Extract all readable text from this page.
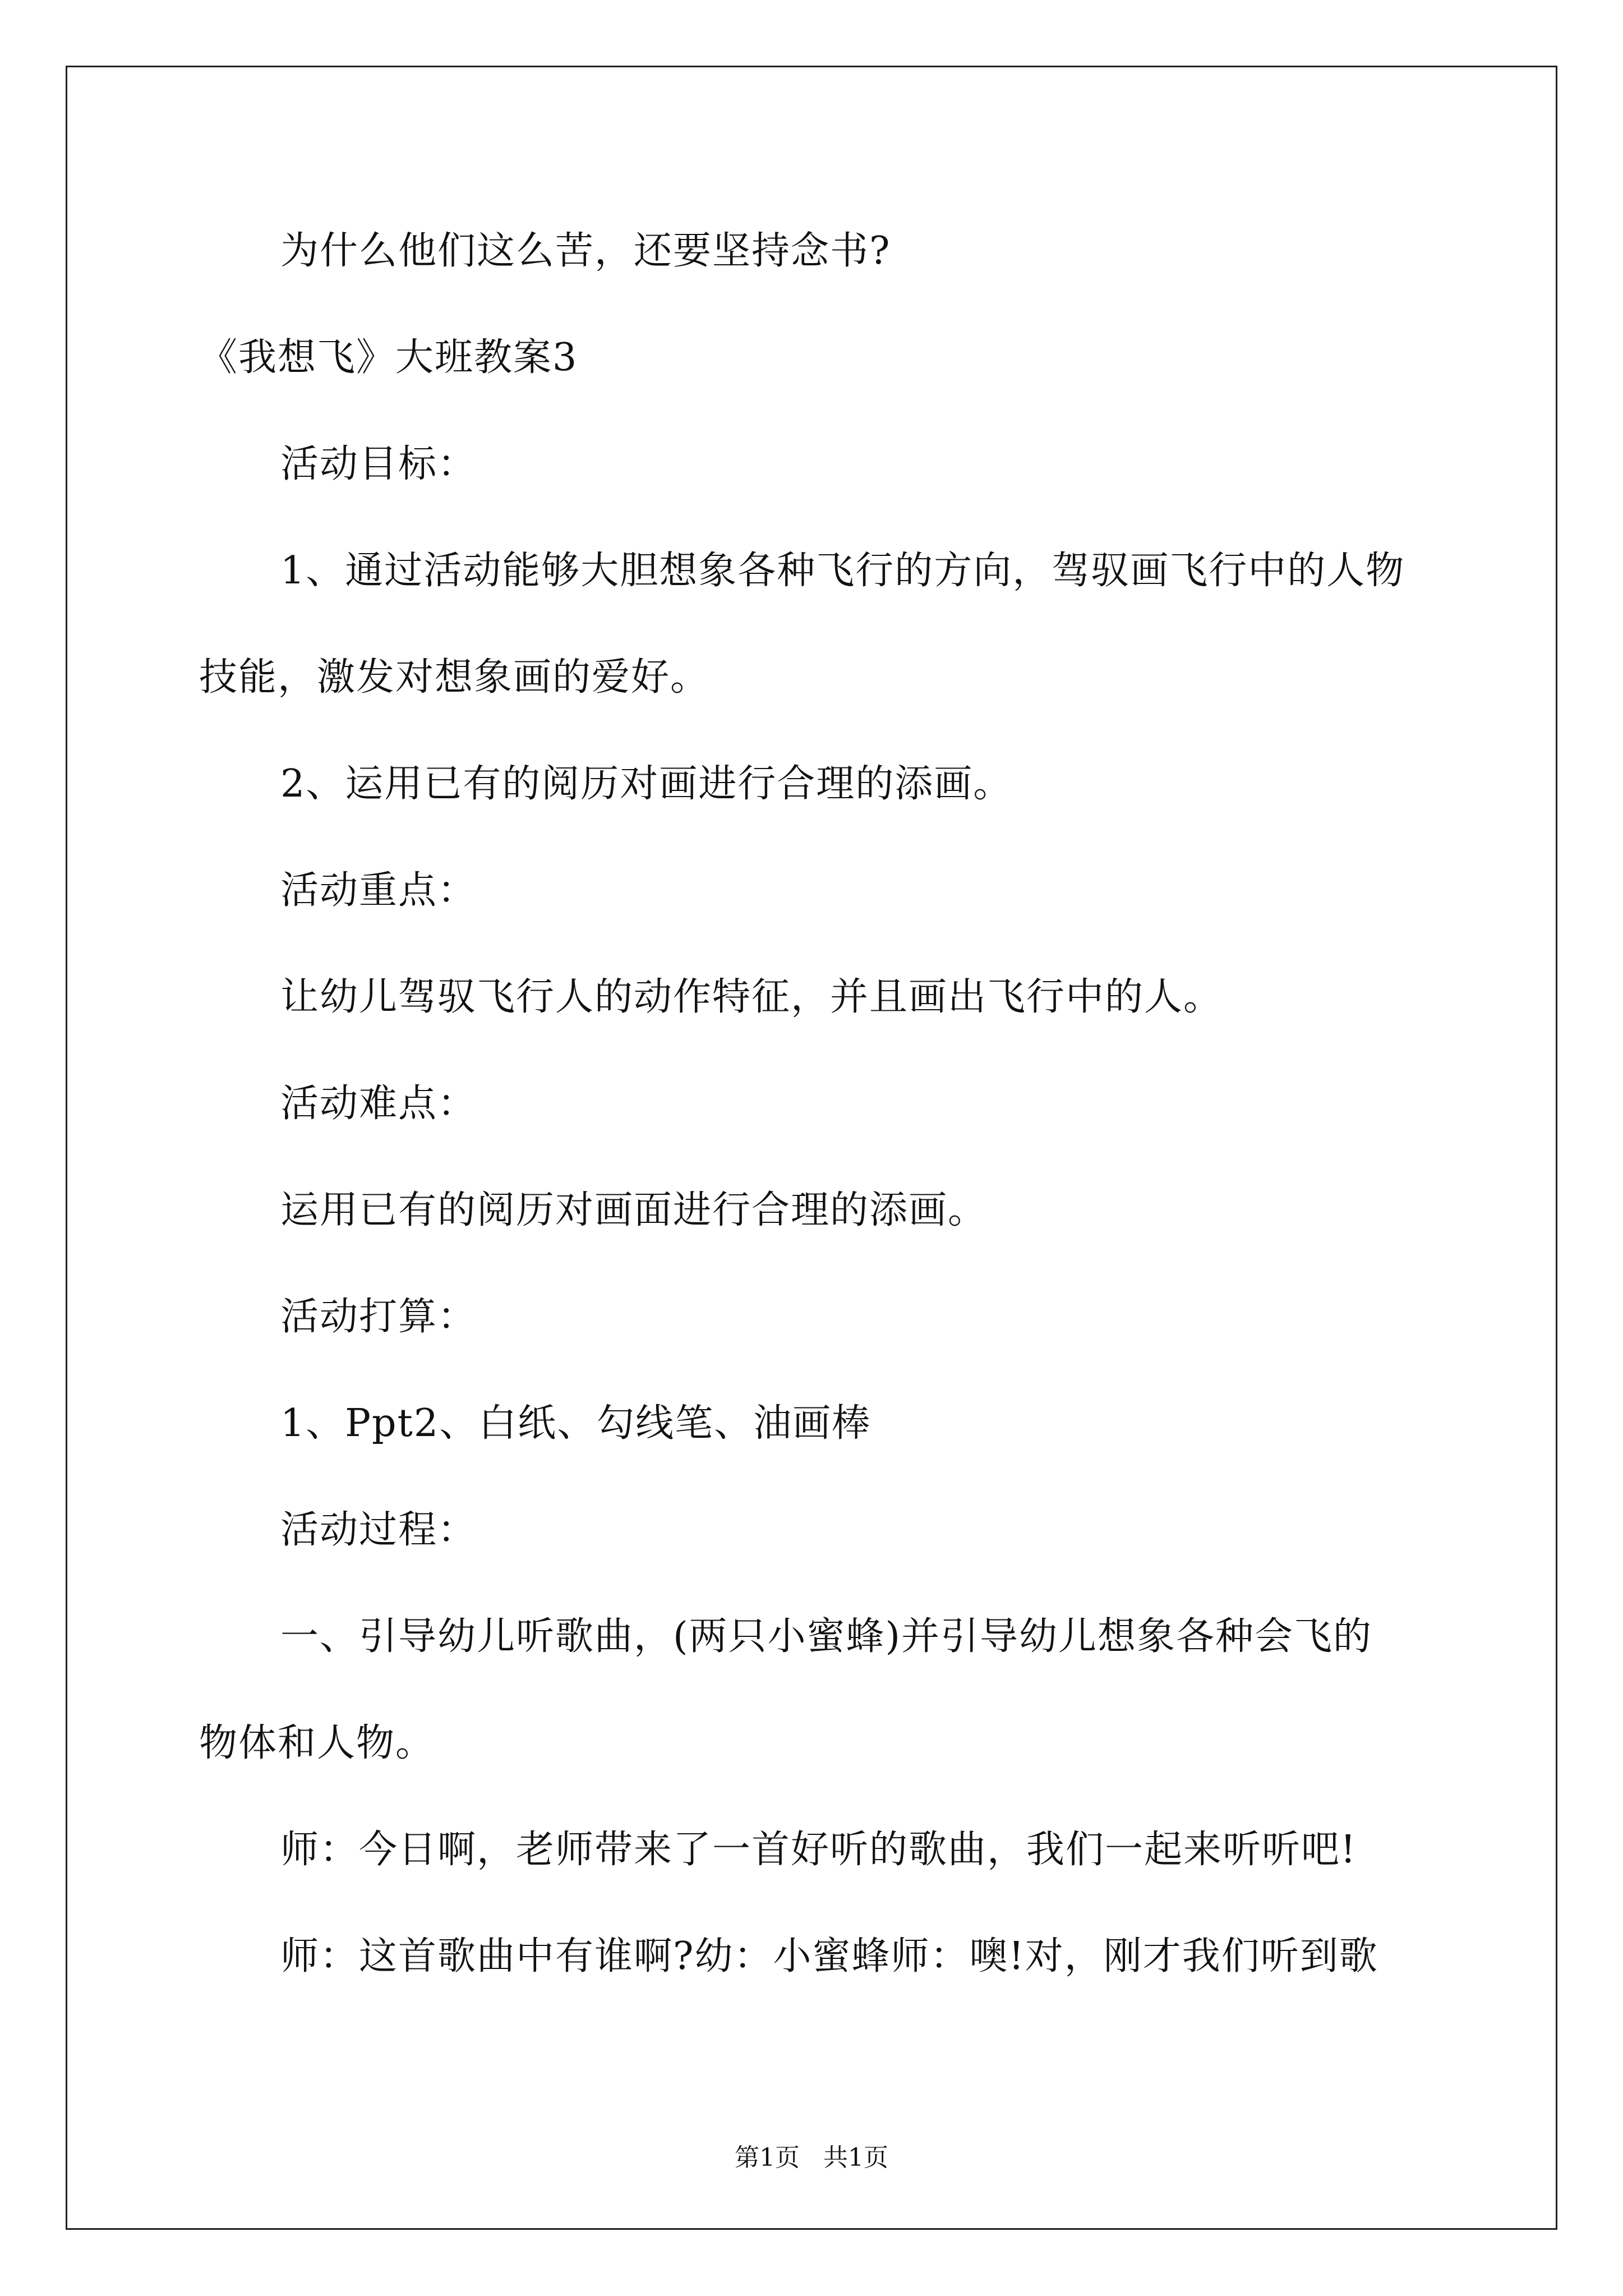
为什么他们这么苦，还要坚持念书?
《我想飞》大班教案3
活动目标：
1、通过活动能够大胆想象各种飞行的方向，驾驭画飞行中的人物
技能，激发对想象画的爱好。
2、运用已有的阅历对画进行合理的添画。
活动重点：
让幼儿驾驭飞行人的动作特征，并且画出飞行中的人。
活动难点：
运用已有的阅历对画面进行合理的添画。
活动打算：
1、Ppt2、白纸、勾线笔、油画棒
活动过程：
一、引导幼儿听歌曲，(两只小蜜蜂)并引导幼儿想象各种会飞的
物体和人物。
师：今日啊，老师带来了一首好听的歌曲，我们一起来听听吧!
师：这首歌曲中有谁啊?幼：小蜜蜂师：噢!对，刚才我们听到歌
第1页   共1页
